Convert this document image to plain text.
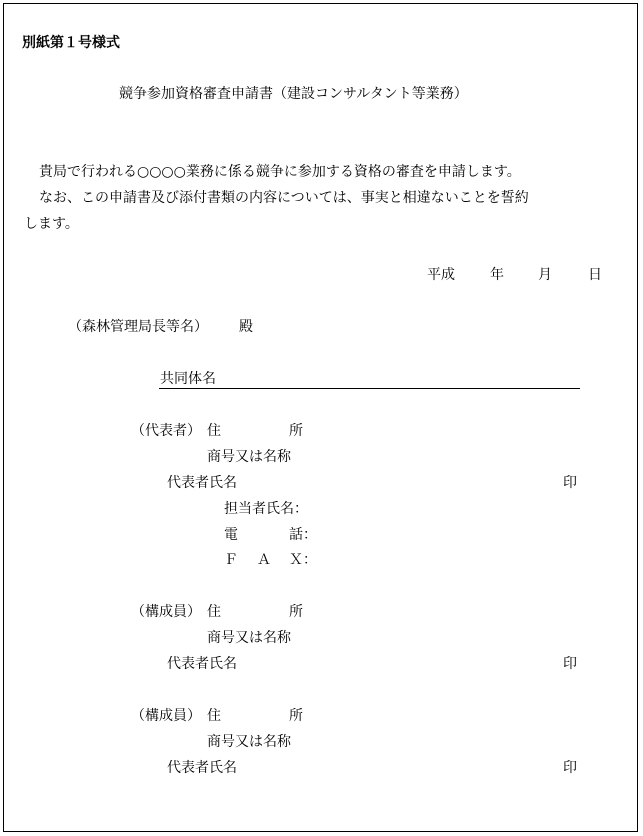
別紙第１号様式
競争参加資格審査申請書（建設コンサルタント等業務）
貴局で行われる○○○○業務に係る競争に参加する資格の審査を申請します。
なお、この申請書及び添付書類の内容については、事実と相違ないことを誓約
します。
平成	年 月	日
（森林管理局長等名） 殿
共同体名
（代表者） 住	所
商号又は名称
代表者氏名	印
担当者氏名：
電	話：
Ｆ Ａ Ｘ：
（構成員） 住	所
商号又は名称
代表者氏名	印
（構成員） 住	所
商号又は名称
代表者氏名	印
